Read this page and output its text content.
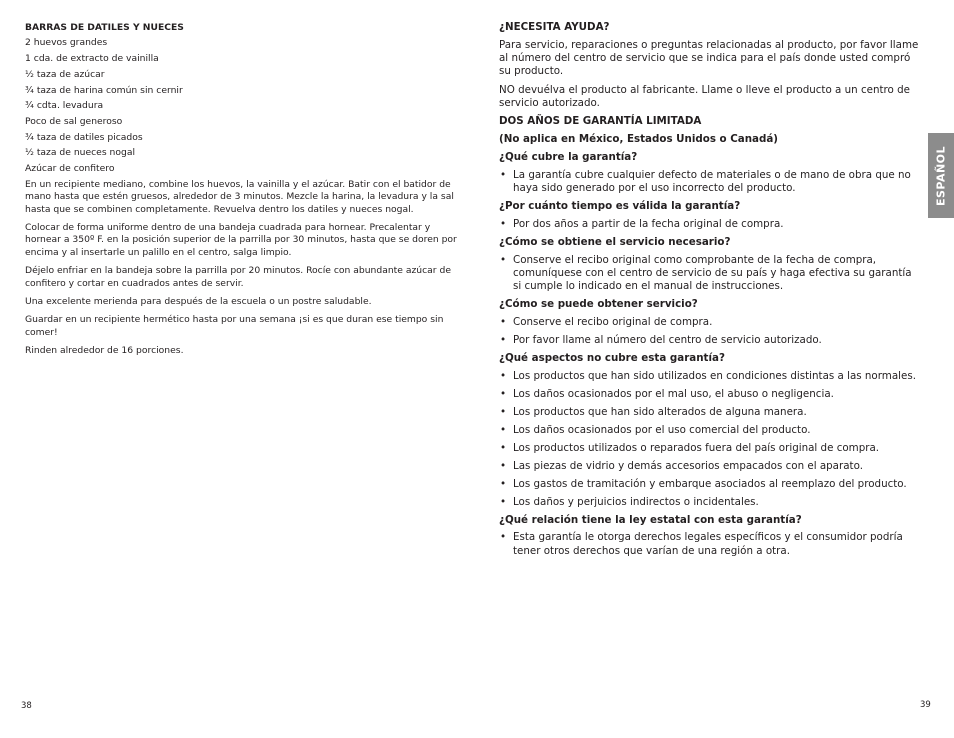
BARRAS DE DATILES Y NUECES
2 huevos grandes
1 cda. de extracto de vainilla
½ taza de azúcar
¾ taza de harina común sin cernir
¾ cdta. levadura
Poco de sal generoso
¾ taza de datiles picados
½ taza de nueces nogal
Azúcar de confitero

En un recipiente mediano, combine los huevos, la vainilla y el azúcar. Batir con el batidor de mano hasta que estén gruesos, alrededor de 3 minutos. Mezcle la harina, la levadura y la sal hasta que se combinen completamente. Revuelva dentro los datiles y nueces nogal.

Colocar de forma uniforme dentro de una bandeja cuadrada para hornear. Precalentar y hornear a 350º F. en la posición superior de la parrilla por 30 minutos, hasta que se doren por encima y al insertarle un palillo en el centro, salga limpio.

Déjelo enfriar en la bandeja sobre la parrilla por 20 minutos. Rocíe con abundante azúcar de confitero y cortar en cuadrados antes de servir.

Una excelente merienda para después de la escuela o un postre saludable.

Guardar en un recipiente hermético hasta por una semana ¡si es que duran ese tiempo sin comer!

Rinden alrededor de 16 porciones.

38
¿NECESITA AYUDA?

Para servicio, reparaciones o preguntas relacionadas al producto, por favor llame al número del centro de servicio que se indica para el país donde usted compró su producto.

NO devuélva el producto al fabricante. Llame o lleve el producto a un centro de servicio autorizado.

DOS AÑOS DE GARANTÍA LIMITADA
(No aplica en México, Estados Unidos o Canadá)
¿Qué cubre la garantía?
• La garantía cubre cualquier defecto de materiales o de mano de obra que no haya sido generado por el uso incorrecto del producto.
¿Por cuánto tiempo es válida la garantía?
• Por dos años a partir de la fecha original de compra.
¿Cómo se obtiene el servicio necesario?
• Conserve el recibo original como comprobante de la fecha de compra, comuníquese con el centro de servicio de su país y haga efectiva su garantía si cumple lo indicado en el manual de instrucciones.
¿Cómo se puede obtener servicio?
• Conserve el recibo original de compra.
• Por favor llame al número del centro de servicio autorizado.
¿Qué aspectos no cubre esta garantía?
• Los productos que han sido utilizados en condiciones distintas a las normales.
• Los daños ocasionados por el mal uso, el abuso o negligencia.
• Los productos que han sido alterados de alguna manera.
• Los daños ocasionados por el uso comercial del producto.
• Los productos utilizados o reparados fuera del país original de compra.
• Las piezas de vidrio y demás accesorios empacados con el aparato.
• Los gastos de tramitación y embarque asociados al reemplazo del producto.
• Los daños y perjuicios indirectos o incidentales.
¿Qué relación tiene la ley estatal con esta garantía?
• Esta garantía le otorga derechos legales específicos y el consumidor podría tener otros derechos que varían de una región a otra.
ESPAÑOL
39
